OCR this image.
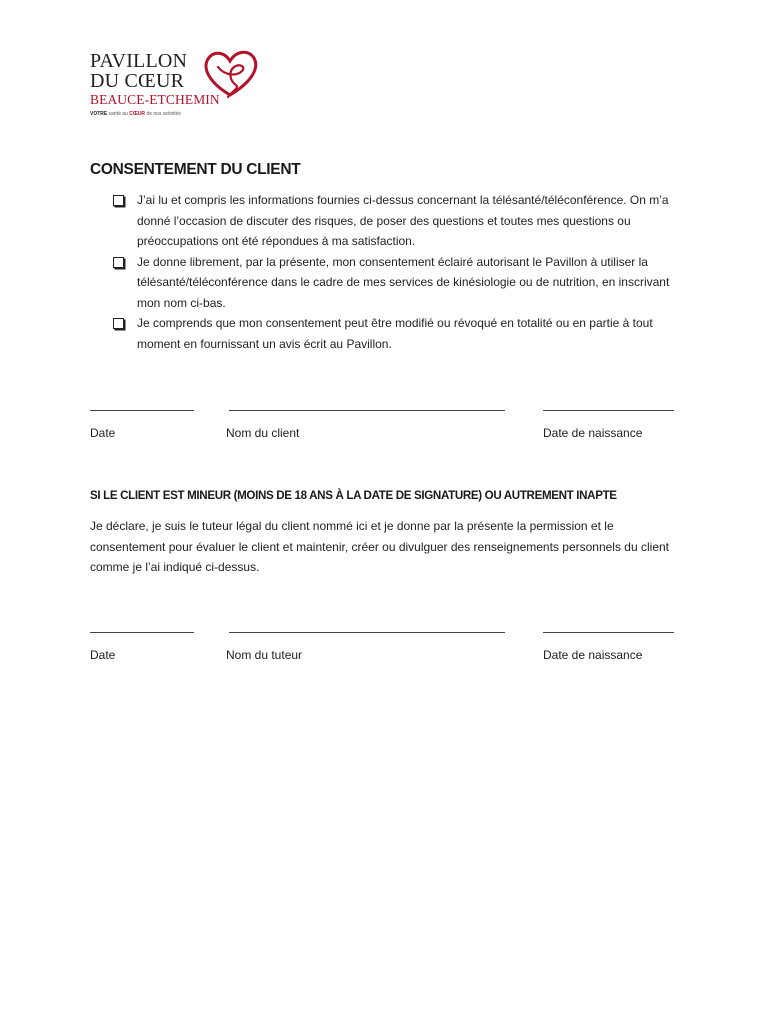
PAVILLON
DU CŒUR
BEAUCE-ETCHEMIN
VOTRE santé au CŒUR de nos activités
CONSENTEMENT DU CLIENT
J’ai lu et compris les informations fournies ci-dessus concernant la télésanté/téléconférence. On m’a donné l’occasion de discuter des risques, de poser des questions et toutes mes questions ou préoccupations ont été répondues à ma satisfaction.
Je donne librement, par la présente, mon consentement éclairé autorisant le Pavillon à utiliser la télésanté/téléconférence dans le cadre de mes services de kinésiologie ou de nutrition, en inscrivant mon nom ci-bas.
Je comprends que mon consentement peut être modifié ou révoqué en totalité ou en partie à tout moment en fournissant un avis écrit au Pavillon.
Date	Nom du client	Date de naissance
SI LE CLIENT EST MINEUR (MOINS DE 18 ANS À LA DATE DE SIGNATURE) OU AUTREMENT INAPTE
Je déclare, je suis le tuteur légal du client nommé ici et je donne par la présente la permission et le consentement pour évaluer le client et maintenir, créer ou divulguer des renseignements personnels du client comme je l’ai indiqué ci-dessus.
Date	Nom du tuteur	Date de naissance
